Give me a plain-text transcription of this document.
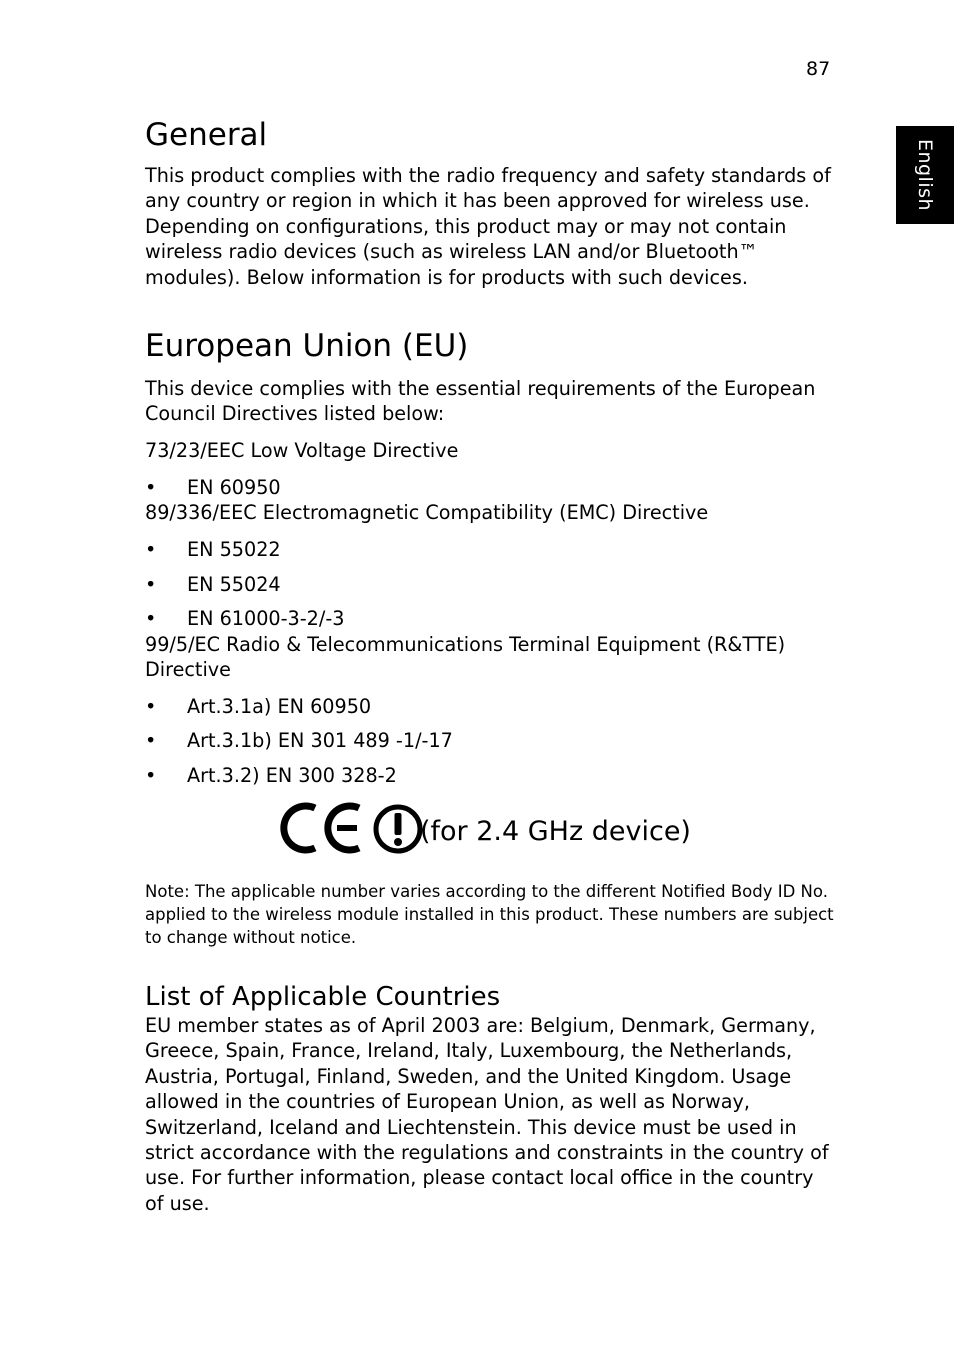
87
English
General

This product complies with the radio frequency and safety standards of any country or region in which it has been approved for wireless use. Depending on configurations, this product may or may not contain wireless radio devices (such as wireless LAN and/or Bluetooth™ modules). Below information is for products with such devices.

European Union (EU)

This device complies with the essential requirements of the European Council Directives listed below:

73/23/EEC Low Voltage Directive

• EN 60950

89/336/EEC Electromagnetic Compatibility (EMC) Directive

• EN 55022
• EN 55024
• EN 61000-3-2/-3

99/5/EC Radio & Telecommunications Terminal Equipment (R&TTE) Directive

• Art.3.1a) EN 60950
• Art.3.1b) EN 301 489 -1/-17
• Art.3.2) EN 300 328-2
(for 2.4 GHz device)

Note: The applicable number varies according to the different Notified Body ID No. applied to the wireless module installed in this product. These numbers are subject to change without notice.

List of Applicable Countries

EU member states as of April 2003 are: Belgium, Denmark, Germany, Greece, Spain, France, Ireland, Italy, Luxembourg, the Netherlands, Austria, Portugal, Finland, Sweden, and the United Kingdom. Usage allowed in the countries of European Union, as well as Norway, Switzerland, Iceland and Liechtenstein. This device must be used in strict accordance with the regulations and constraints in the country of use. For further information, please contact local office in the country of use.
